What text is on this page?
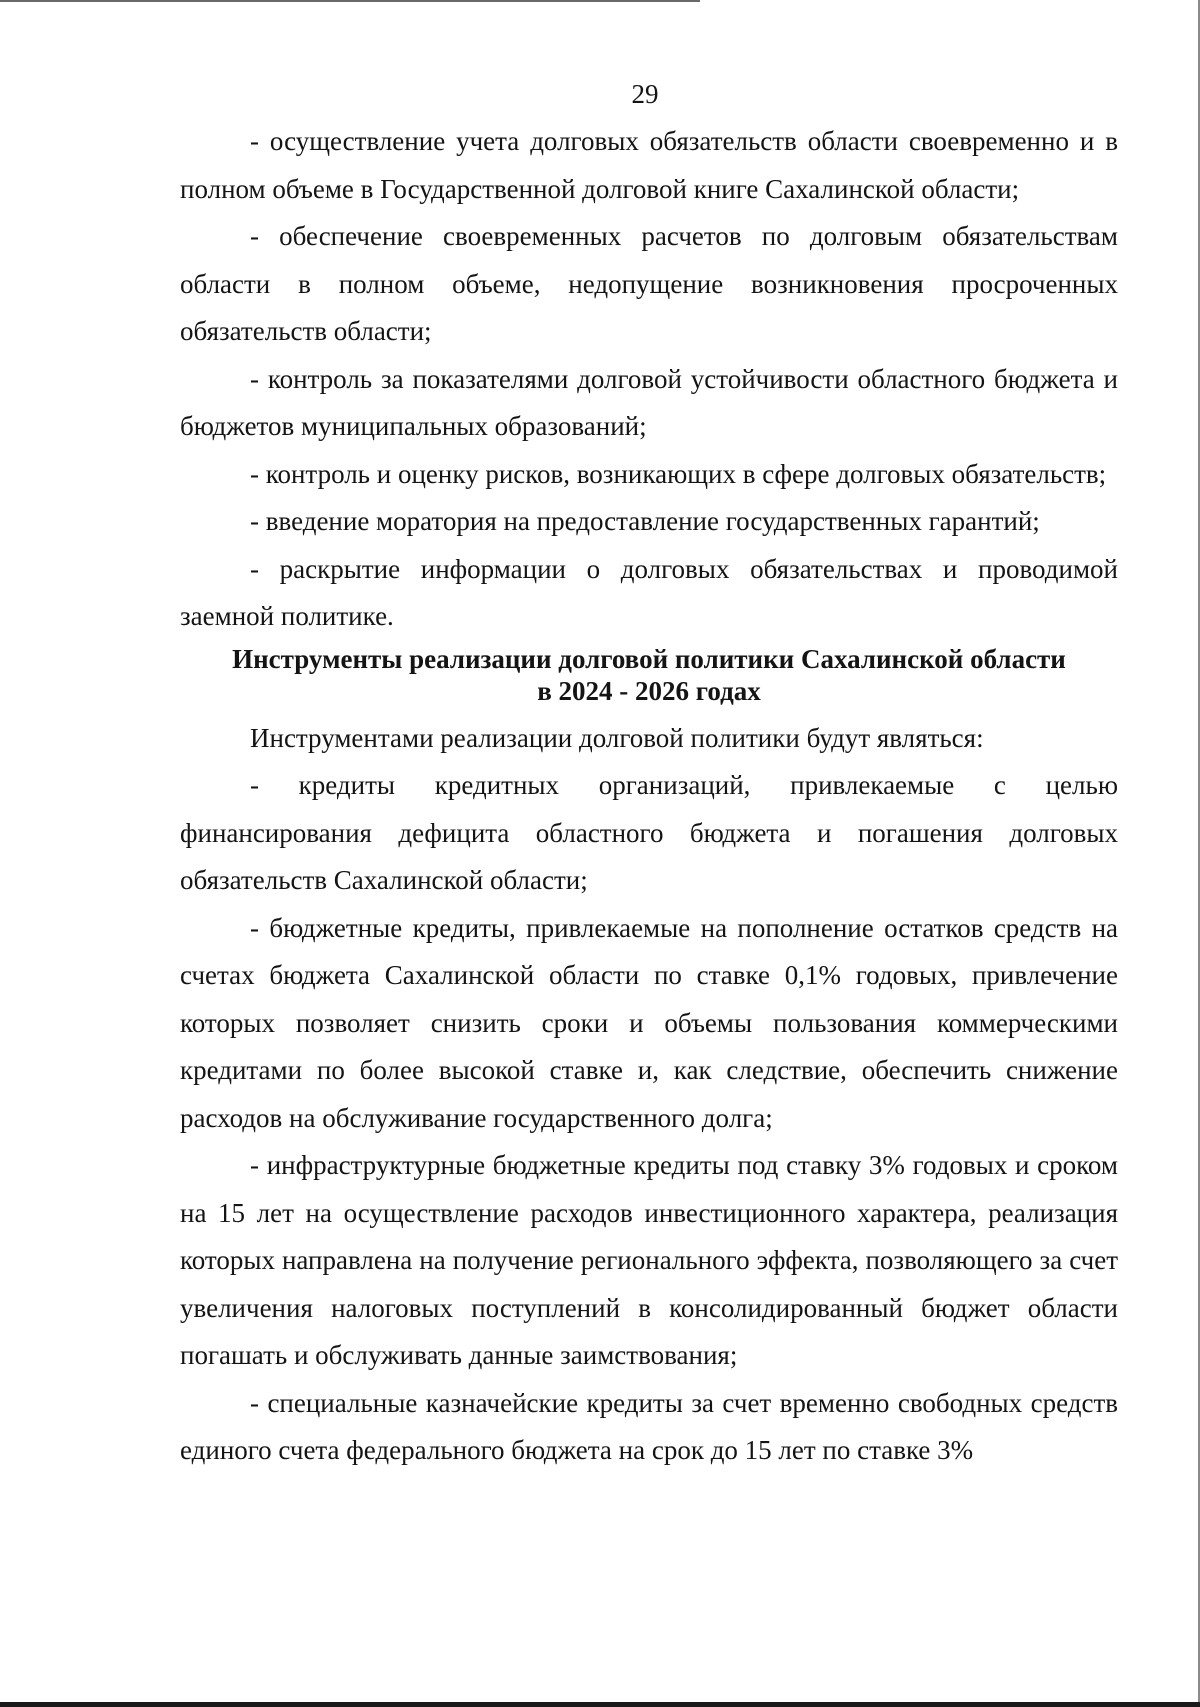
29

- осуществление учета долговых обязательств области своевременно и в полном объеме в Государственной долговой книге Сахалинской области;

- обеспечение своевременных расчетов по долговым обязательствам области в полном объеме, недопущение возникновения просроченных обязательств области;

- контроль за показателями долговой устойчивости областного бюджета и бюджетов муниципальных образований;

- контроль и оценку рисков, возникающих в сфере долговых обязательств;

- введение моратория на предоставление государственных гарантий;

- раскрытие информации о долговых обязательствах и проводимой заемной политике.

Инструменты реализации долговой политики Сахалинской области
в 2024 - 2026 годах

Инструментами реализации долговой политики будут являться:

- кредиты кредитных организаций, привлекаемые с целью финансирования дефицита областного бюджета и погашения долговых обязательств Сахалинской области;

- бюджетные кредиты, привлекаемые на пополнение остатков средств на счетах бюджета Сахалинской области по ставке 0,1% годовых, привлечение которых позволяет снизить сроки и объемы пользования коммерческими кредитами по более высокой ставке и, как следствие, обеспечить снижение расходов на обслуживание государственного долга;

- инфраструктурные бюджетные кредиты под ставку 3% годовых и сроком на 15 лет на осуществление расходов инвестиционного характера, реализация которых направлена на получение регионального эффекта, позволяющего за счет увеличения налоговых поступлений в консолидированный бюджет области погашать и обслуживать данные заимствования;

- специальные казначейские кредиты за счет временно свободных средств единого счета федерального бюджета на срок до 15 лет по ставке 3%
